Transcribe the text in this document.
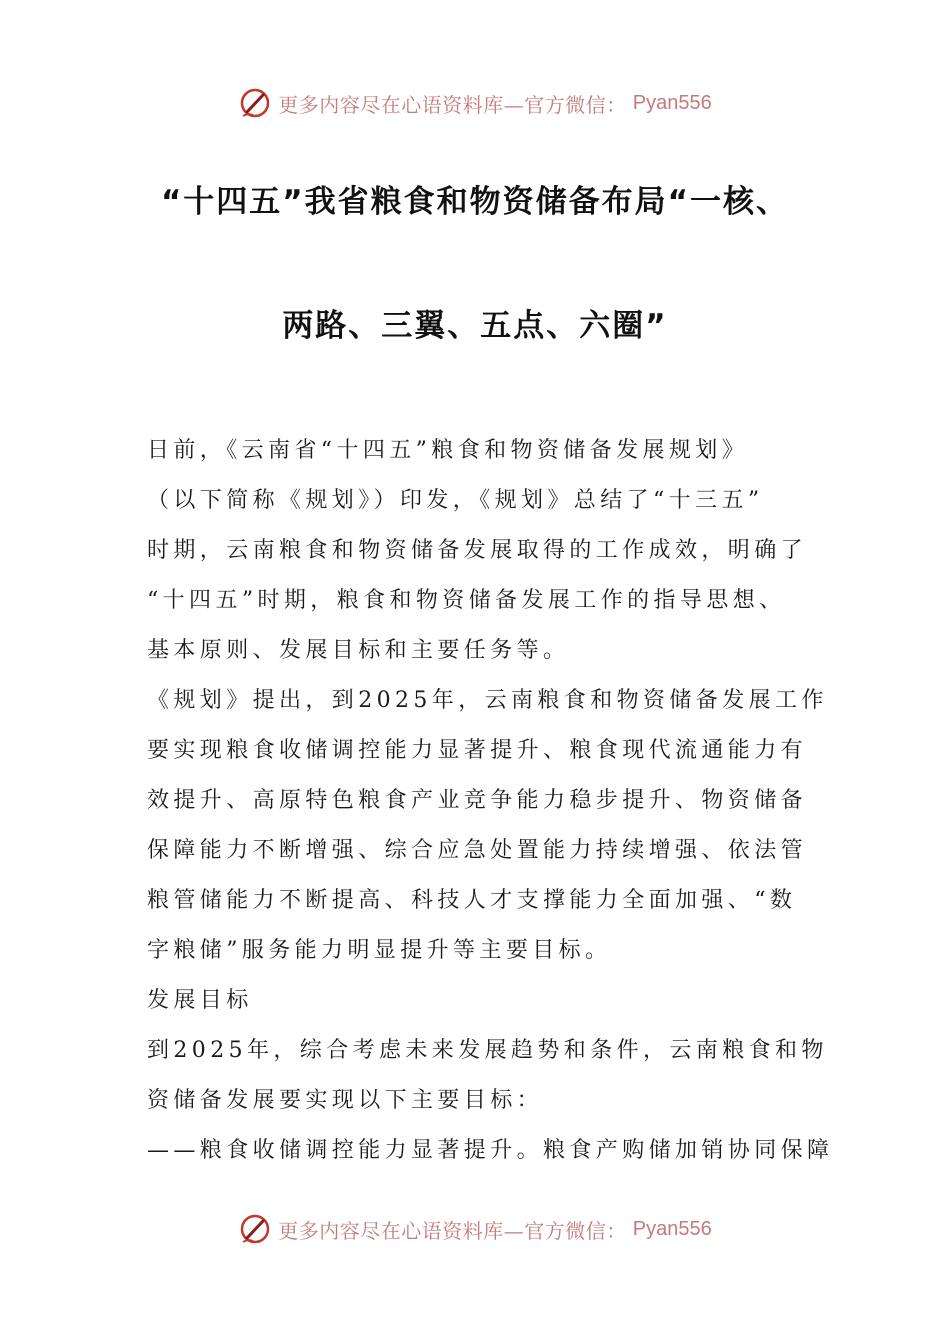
更多内容尽在心语资料库—官方微信： Pyan556
“十四五”我省粮食和物资储备布局“一核、
两路、三翼、五点、六圈”
日前，《云南省“十四五”粮食和物资储备发展规划》
（以下简称《规划》）印发，《规划》总结了“十三五”
时期，云南粮食和物资储备发展取得的工作成效，明确了
“十四五”时期，粮食和物资储备发展工作的指导思想、
基本原则、发展目标和主要任务等。
《规划》提出，到2025年，云南粮食和物资储备发展工作
要实现粮食收储调控能力显著提升、粮食现代流通能力有
效提升、高原特色粮食产业竞争能力稳步提升、物资储备
保障能力不断增强、综合应急处置能力持续增强、依法管
粮管储能力不断提高、科技人才支撑能力全面加强、“数
字粮储”服务能力明显提升等主要目标。
发展目标
到2025年，综合考虑未来发展趋势和条件，云南粮食和物
资储备发展要实现以下主要目标：
——粮食收储调控能力显著提升。粮食产购储加销协同保障
更多内容尽在心语资料库—官方微信： Pyan556
